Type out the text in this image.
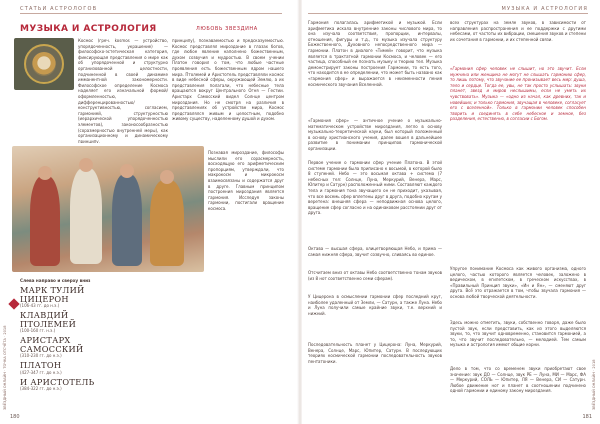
СТАТЬИ АСТРОЛОГОВ
МУЗЫКА И АСТРОЛОГИЯ	ЛЮБОВЬ ЗВЕЗДИНА
Космос (греч. kosmos — устройство, упорядоченность, украшение) — философско-эстетическая категория, фиксирующая представления о мире как об упорядоченной и структурно организованной целостности, подчиненной в своей динамике имманентной закономерности. Философское определение Космоса наделяет его изначальной формой/оформленностью, дифференцированностью/конструктивностью, согласием, гармонией, структурностью (иерархической упорядоченностью элементов), законосообразностью (соразмерностью внутренней меры), как организационному и динамическому принципу.
принципу), познаваемостью и предсказуемостью. Космос представлял мироздание в глазах богов, где любое явление наполнено божественным, духом созвучия и мудростью. В своем учении Платон говорил о том, что любые частные проявления есть божественным ядром нашего мира. Птолемей и Аристотель представляли космос в виде небесной сферы, окружающей Землю, а их представления полагали, что небесные тела вращаются вокруг Центрального Огня — Гестии. Аристарх Самосский видел Солнце центром мироздания. Но не смотря на различия в представлениях об устройстве мира, Космос представлялся живым и целостным, подобно живому существу, наделенному душой и духом.
Познавая мироздание, философы мыслили его сорасмерность, восходящую его арифметическим пропорциям, утверждали, что макрокосм и микрокосм взаимосвязаны и содержатся друг в друге. Главным принципом построения мироздания является гармония. Исследуя законы гармонии, постигали вращение космоса.
Слева направо и сверху вниз
МАРК ТУЛИЙ ЦИЦЕРОН
(106-43 гг. до н.э.)
КЛАВДИЙ ПТОЛЕМЕЙ
(100-160 гг. н.э.)
АРИСТАРХ САМОССКИЙ
(310-230 гг. до н.э.)
ПЛАТОН
(427-347 гг. до н.э.)
И АРИСТОТЕЛЬ
(384-322 гг. до н.э.)
ЗВЁЗДНЫЙ ОНЛАЙН · ТОЧКА ОТСЧЁТА · 2018
180
МУЗЫКА И АСТРОЛОГИЯ
Гармония полагалась арифметикой и музыкой. Если арифметика искала внутренние законы числового мира, то она изучала соответствия, пропорции, интервалы, отношения, фигуры и т.д., то музыка изучала структуру Божественного, Духовного непосредственного мира — гармонии. Платон в диалоге «Тимей» говорит, что музыка является в трактатной гармонии Космоса, и человек — его частица, способный ее познать музыку и теорию тел. Музыка демонстрирует законы построения Гармонии, то есть того, что находится в ее определении, что может быть названо как «гармония сфер» и выражается в неизменности пения космического звучания Вселенной.
«Гармония сфер» — античное учение о музыкально-математическом устройстве мироздания, легло в основу музыкально-теоретической науки, был который положенный в основу христианского учения, далее вошел в дальнейшее развитие в понимании принципов гармонической организации.
Первое учение о гармонии сфер учение Платона. В этой системе гармонии была приписано к восьмой, в которой было 8 ступеней. Небо — это восьмая октава + система (7 небесных тел: Солнце, Луна, Меркурий, Венера, Марс, Юпитер и Сатурн) расположенный ними. Составляют каждого тела и гармония тона звучащего он не приходит, указывая, что все восемь сфер вплетены друг в друга, подобно кругам у веретена: внешняя сфера — неподвижная основа целого, вращение сфер согласно и на одинаковом расстоянии друг от друга.
Октава — высшая сфера, олицетворяющая Небо, и прима — самая нижняя сфера, звучит созвучно, сливаясь во единое.
Отсчитаем вниз от октавы Небо соответственно тонам звуков (из 8 нот соответственно семи сферам).
У Цицерона в осмыслении гармонии сфер последний круг, наиболее удаленный от Земли, — Сатурн, а также Луна. Небо и Луна получили самые крайние звуки, т.е. верхний и нижний.
Последовательность планет у Цицерона: Луна, Меркурий, Венера, Солнце, Марс, Юпитер, Сатурн. В последующих теориях космической гармонии последовательность звуков пентатоники.
всех структурах на земле звуков, в зависимости от направления распространения и ее поддержки с другими небесами, от частоты их вибрации, смешения звуков и степени их сочетания в гармонии, и их степенной связи.
«Гармония сфер человек не слышит, но это звучит. Если мужчина или женщина не могут не слышать гармонию сфер, то лишь потому, что звучание ее пронизывает весь мир: душа, тело и сердце. Тогда ее, увы, не так просто услышать: звуки планет, звезд и миров неслышимы, если не уметь их чувствовать». Музыка — «одно из начал, как древних, так и новейших; и только гармония, звучащая в человеке, согласует его с вселенной». Только в гармонии человек способен творить и соединять в себе небесное и земное, без разделения, естественно, в согласии с Богом.
Упругое понимание Космоса как живого организма, одного целого, частью которого является человек, заложено в ведическом, в египетском, в греческом искусствах, в «Правильный Принцип звуки», «Ин и Ян», — сменяют друг друга. Всё это отражается в том, чтобы звучала гармония — основа любой творческой деятельности.
Здесь можно отметить, звуки, собственно говоря, даже было пустой звук, если представить, как из этого выделяются звуки, то, что звучит одновременно, становится гармонией, а то, что звучит последовательно, — мелодией. Тем самым музыка и астрология имеют общие корни.
Дело в том, что со временем звуки приобретают свое значение: звук ДО — Солнце, звук РЕ — Луна, МИ — Марс, ФА — Меркурий, СОЛЬ — Юпитер, ЛЯ — Венера, СИ — Сатурн. Любое движение нот и планет в соотношении подчинено одной гармонии и единому закону мироздания.	ЗВЁЗДНЫЙ ОНЛАЙН · 2018
181
